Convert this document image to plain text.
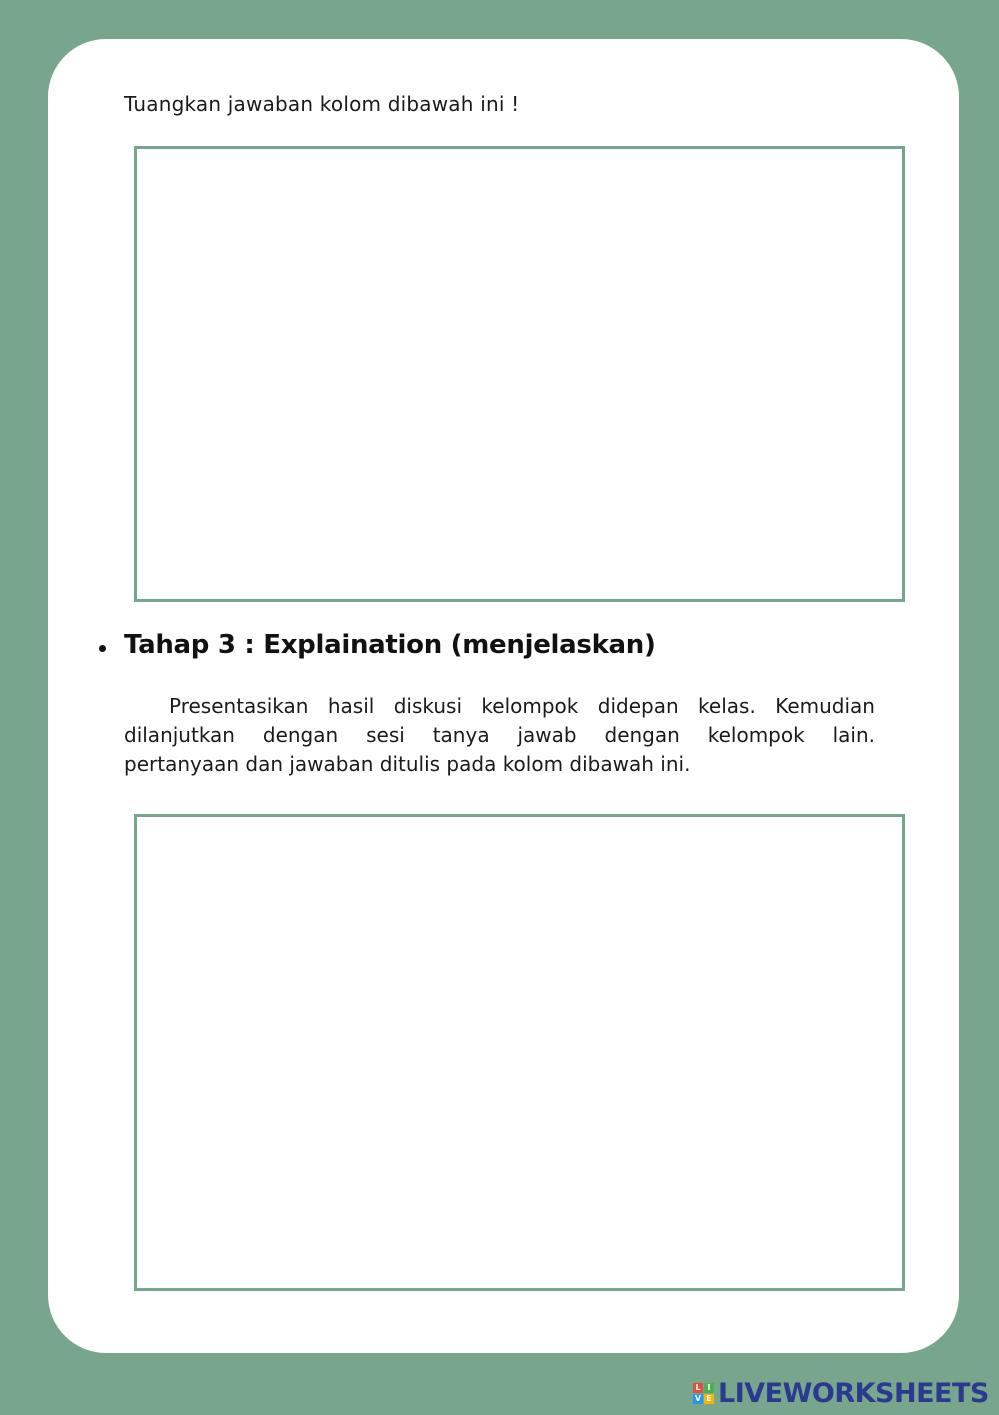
Tuangkan jawaban kolom dibawah ini !
Tahap 3 : Explaination (menjelaskan)

Presentasikan hasil diskusi kelompok didepan kelas. Kemudian
dilanjutkan dengan sesi tanya jawab dengan kelompok lain.
pertanyaan dan jawaban ditulis pada kolom dibawah ini.

L I
V E LIVEWORKSHEETS
